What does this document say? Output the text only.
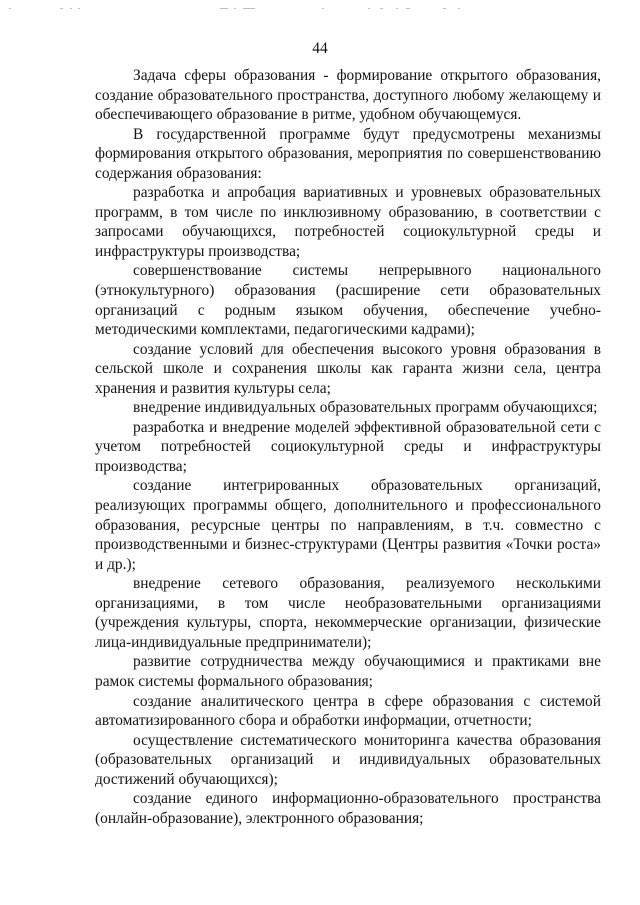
44

Задача сферы образования - формирование открытого образования, создание образовательного пространства, доступного любому желающему и обеспечивающего образование в ритме, удобном обучающемуся.

В государственной программе будут предусмотрены механизмы формирования открытого образования, мероприятия по совершенствованию содержания образования:

разработка и апробация вариативных и уровневых образовательных программ, в том числе по инклюзивному образованию, в соответствии с запросами обучающихся, потребностей социокультурной среды и инфраструктуры производства;

совершенствование системы непрерывного национального (этнокультурного) образования (расширение сети образовательных организаций с родным языком обучения, обеспечение учебно-методическими комплектами, педагогическими кадрами);

создание условий для обеспечения высокого уровня образования в сельской школе и сохранения школы как гаранта жизни села, центра хранения и развития культуры села;

внедрение индивидуальных образовательных программ обучающихся;

разработка и внедрение моделей эффективной образовательной сети с учетом потребностей социокультурной среды и инфраструктуры производства;

создание интегрированных образовательных организаций, реализующих программы общего, дополнительного и профессионального образования, ресурсные центры по направлениям, в т.ч. совместно с производственными и бизнес-структурами (Центры развития «Точки роста» и др.);

внедрение сетевого образования, реализуемого несколькими организациями, в том числе необразовательными организациями (учреждения культуры, спорта, некоммерческие организации, физические лица-индивидуальные предприниматели);

развитие сотрудничества между обучающимися и практиками вне рамок системы формального образования;

создание аналитического центра в сфере образования с системой автоматизированного сбора и обработки информации, отчетности;

осуществление систематического мониторинга качества образования (образовательных организаций и индивидуальных образовательных достижений обучающихся);

создание единого информационно-образовательного пространства (онлайн-образование), электронного образования;
